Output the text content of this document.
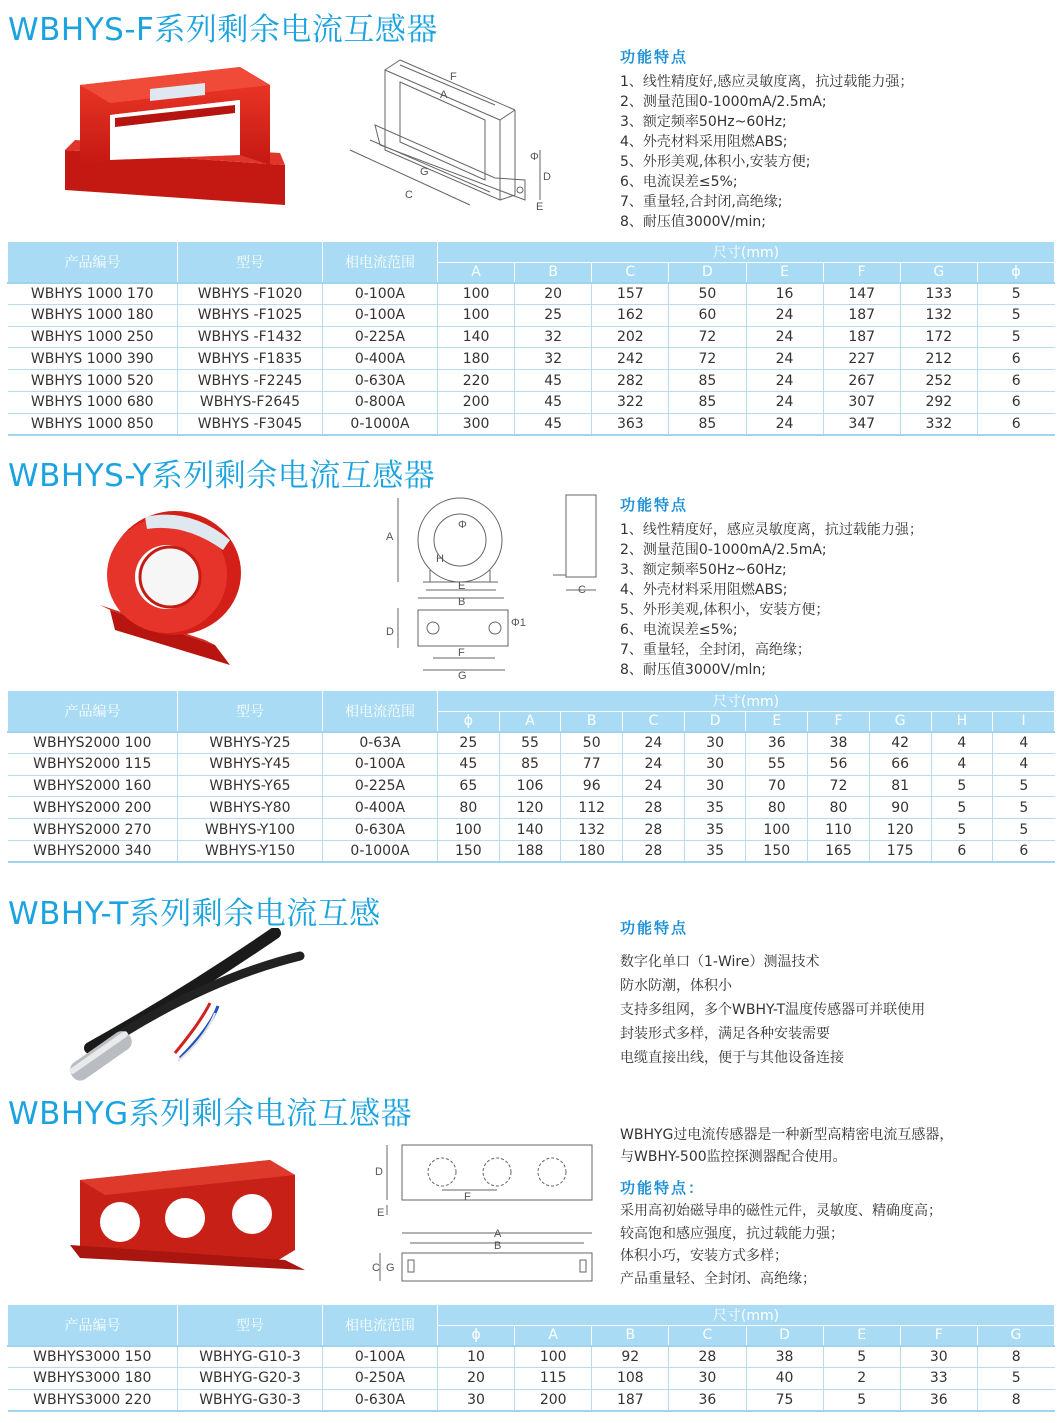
WBHYS-F系列剩余电流互感器
F
A
G
C
D
Φ
E
功能特点
1、线性精度好,感应灵敏度离，抗过载能力强；
2、测量范围0-1000mA/2.5mA;
3、额定频率50Hz~60Hz;
4、外壳材料采用阻燃ABS;
5、外形美观,体积小,安装方便;
6、电流误差≤5%;
7、重量轻,合封闭,高绝缘;
8、耐压值3000V/min;
产品编号	型号	相电流范围	尺寸(mm)							
			A	B	C	D	E	F	G	ϕ
WBHYS 1000 170	WBHYS -F1020	0-100A	100	20	157	50	16	147	133	5
WBHYS 1000 180	WBHYS -F1025	0-100A	100	25	162	60	24	187	132	5
WBHYS 1000 250	WBHYS -F1432	0-225A	140	32	202	72	24	187	172	5
WBHYS 1000 390	WBHYS -F1835	0-400A	180	32	242	72	24	227	212	6
WBHYS 1000 520	WBHYS -F2245	0-630A	220	45	282	85	24	267	252	6
WBHYS 1000 680	WBHYS-F2645	0-800A	200	45	322	85	24	307	292	6
WBHYS 1000 850	WBHYS -F3045	0-1000A	300	45	363	85	24	347	332	6
WBHYS-Y系列剩余电流互感器
A
Φ
H
E
B
D
Φ1
F
G
C
功能特点
1、线性精度好，感应灵敏度离，抗过载能力强；
2、测量范围0-1000mA/2.5mA;
3、额定频率50Hz~60Hz;
4、外壳材料采用阻燃ABS;
5、外形美观,体积小，安装方便；
6、电流误差≤5%;
7、重量轻，全封闭，高绝缘；
8、耐压值3000V/mln;
产品编号	型号	相电流范围	尺寸(mm)									
			ϕ	A	B	C	D	E	F	G	H	I
WBHYS2000 100	WBHYS-Y25	0-63A	25	55	50	24	30	36	38	42	4	4
WBHYS2000 115	WBHYS-Y45	0-100A	45	85	77	24	30	55	56	66	4	4
WBHYS2000 160	WBHYS-Y65	0-225A	65	106	96	24	30	70	72	81	5	5
WBHYS2000 200	WBHYS-Y80	0-400A	80	120	112	28	35	80	80	90	5	5
WBHYS2000 270	WBHYS-Y100	0-630A	100	140	132	28	35	100	110	120	5	5
WBHYS2000 340	WBHYS-Y150	0-1000A	150	188	180	28	35	150	165	175	6	6
WBHY-T系列剩余电流互感	功能特点
数字化单口（1-Wire）测温技术
防水防潮，体积小
支持多组网，多个WBHY-T温度传感器可并联使用
封装形式多样，满足各种安装需要
电缆直接出线，便于与其他设备连接
WBHYG系列剩余电流互感器
D
E
F
A
B
C G
WBHYG过电流传感器是一种新型高精密电流互感器，
与WBHY-500监控探测器配合使用。
功能特点：
采用高初始磁导串的磁性元件，灵敏度、精确度高；
较高饱和感应强度，抗过载能力强；
体积小巧，安装方式多样；
产品重量轻、全封闭、高绝缘；
产品编号	型号	相电流范围	尺寸(mm)							
			ϕ	A	B	C	D	E	F	G
WBHYS3000 150	WBHYG-G10-3	0-100A	10	100	92	28	38	5	30	8
WBHYS3000 180	WBHYG-G20-3	0-250A	20	115	108	30	40	2	33	5
WBHYS3000 220	WBHYG-G30-3	0-630A	30	200	187	36	75	5	36	8
